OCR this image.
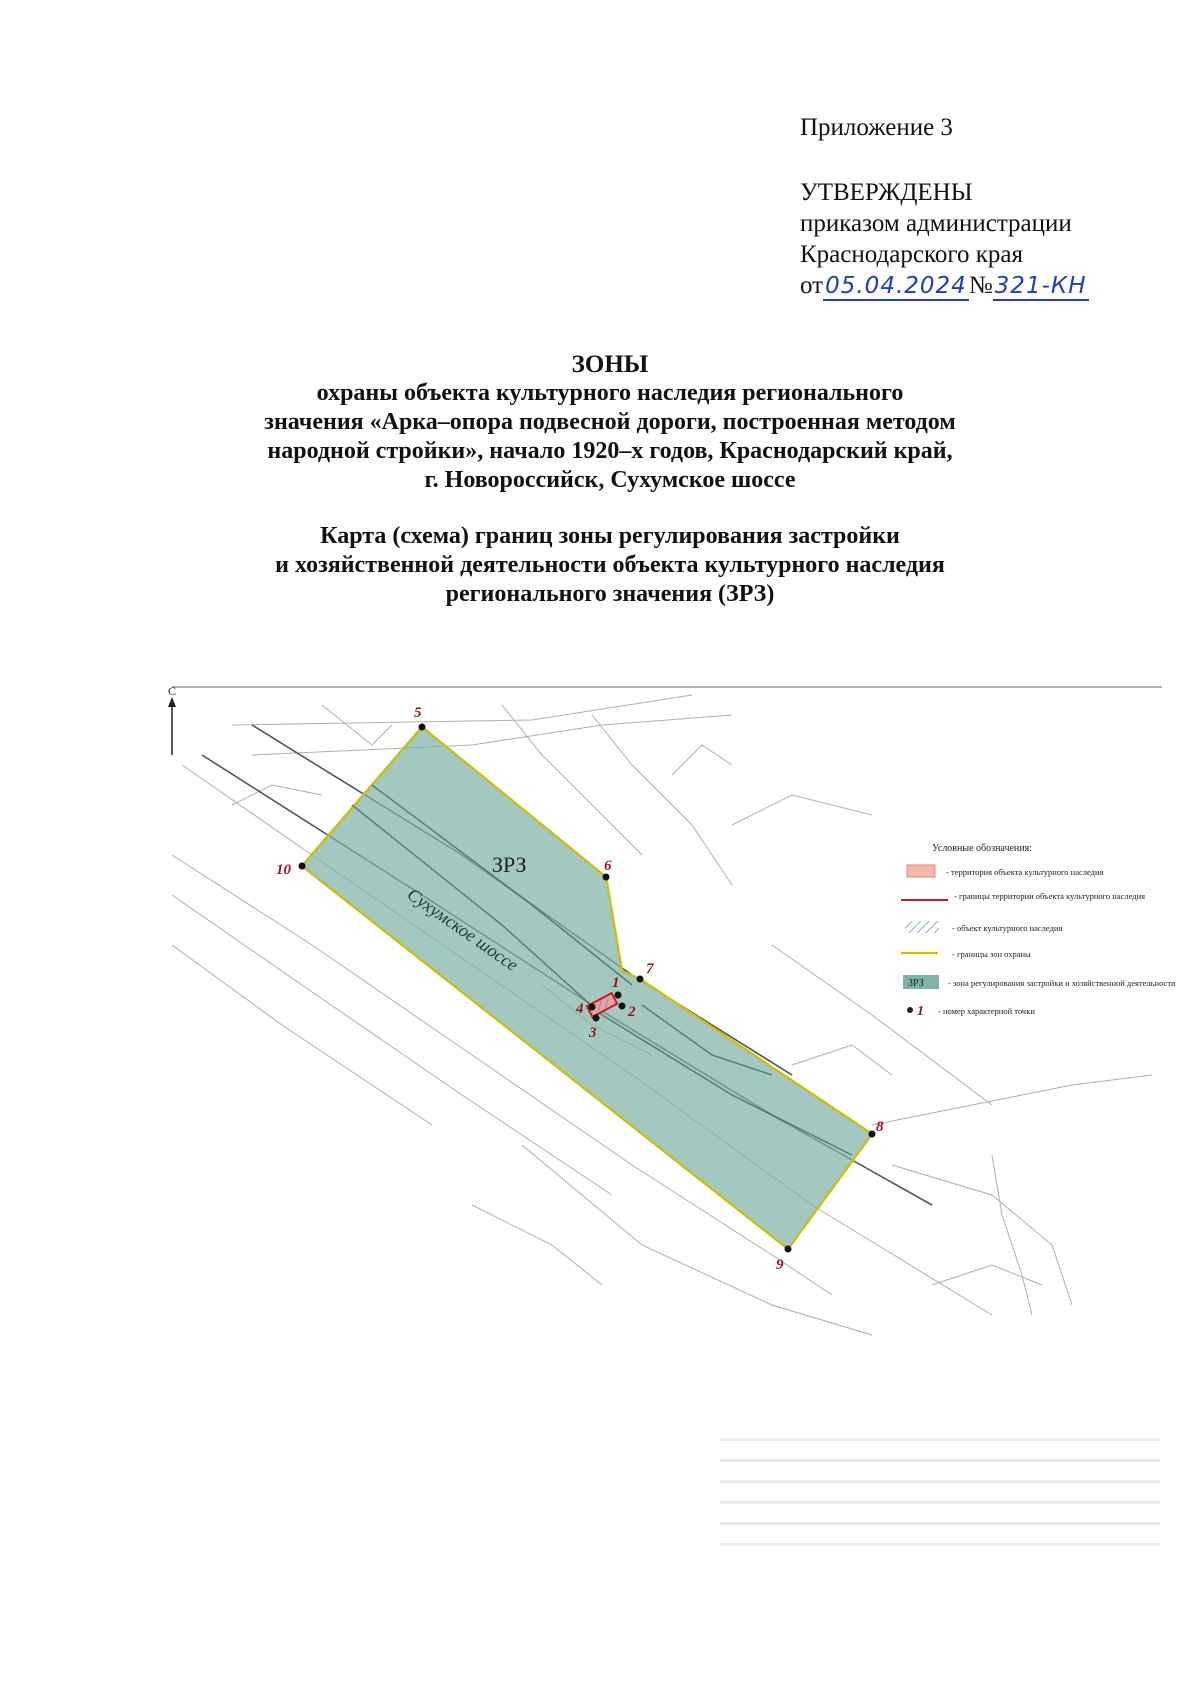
Приложение 3
УТВЕРЖДЕНЫ
приказом администрации
Краснодарского края
от05.04.2024№321-КН
ЗОНЫ
охраны объекта культурного наследия регионального
значения «Арка–опора подвесной дороги, построенная методом
народной стройки», начало 1920–х годов, Краснодарский край,
г. Новороссийск, Сухумское шоссе
Карта (схема) границ зоны регулирования застройки
и хозяйственной деятельности объекта культурного наследия
регионального значения (ЗРЗ)
С
ЗРЗ
Сухумское шоссе
1
2
3
4
5
6
7
8
9
10
Условные обозначения:
- территория объекта культурного наследия
- границы территории объекта культурного наследия
- объект культурного наследия
- границы зон охраны
ЗРЗ	- зона регулирования застройки и хозяйственной деятельности
1 - номер характерной точки
